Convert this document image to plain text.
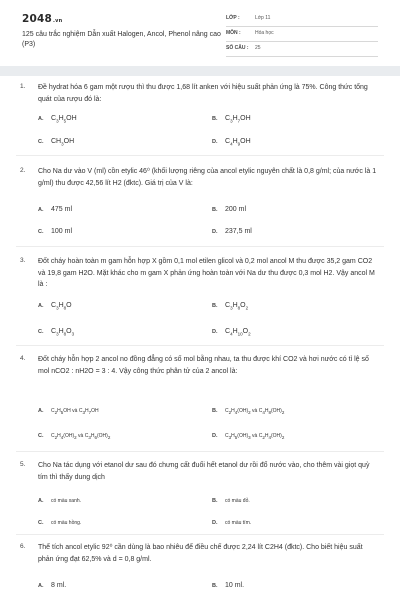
2048.vn
125 câu trắc nghiệm Dẫn xuất Halogen, Ancol, Phenol nâng cao (P3)
LỚP :	Lớp 11
MÔN :	Hóa học
SỐ CÂU : 25
1. Đề hydrat hóa 6 gam một rượu thì thu được 1,68 lít anken với hiệu suất phản ứng là 75%. Công thức tổng quát của rượu đó là:
A. $C_3H_5OH$	B. $C_3H_7OH$
C. $CH_3OH$	D. $C_4H_9OH$
2. Cho Na dư vào V (ml) cồn etylic 46⁰ (khối lượng riêng của ancol etylic nguyên chất là 0,8 g/ml; của nước là 1 g/ml) thu được 42,56 lít H2 (đktc). Giá trị của V là:
A. 475 ml	B. 200 ml
C. 100 ml	D. 237,5 ml
3. Đốt cháy hoàn toàn m gam hỗn hợp X gồm 0,1 mol etilen glicol và 0,2 mol ancol M thu được 35,2 gam CO2 và 19,8 gam H2O. Mặt khác cho m gam X phản ứng hoàn toàn với Na dư thu được 0,3 mol H2. Vậy ancol M là :
A. $C_3H_8O$	B. $C_3H_8O_2$
C. $C_3H_8O_3$	D. $C_4H_{10}O_2$
4. Đốt cháy hỗn hợp 2 ancol no đồng đẳng có số mol bằng nhau, ta thu được khí CO2 và hơi nước có tỉ lệ số mol nCO2 : nH2O = 3 : 4. Vậy công thức phân tử của 2 ancol là:
A. $C_2H_5OH$ và $C_3H_7OH$	B. $C_2H_4(OH)_2$ và $C_4H_8(OH)_2$
C. $C_2H_4(OH)_2$ và $C_3H_6(OH)_2$	D. $C_3H_5(OH)_3$ và $C_2H_4(OH)_2$
5. Cho Na tác dụng với etanol dư sau đó chưng cất đuổi hết etanol dư rồi đổ nước vào, cho thêm vài giọt quỳ tím thì thấy dung dịch
A. có màu xanh.	B. có màu đỏ.
C. có màu hồng.	D. có màu tím.
6. Thể tích ancol etylic 92⁰ cần dùng là bao nhiêu để điều chế được 2,24 lít C2H4 (đktc). Cho biết hiệu suất phản ứng đạt 62,5% và d = 0,8 g/ml.
A. 8 ml.	B. 10 ml.
